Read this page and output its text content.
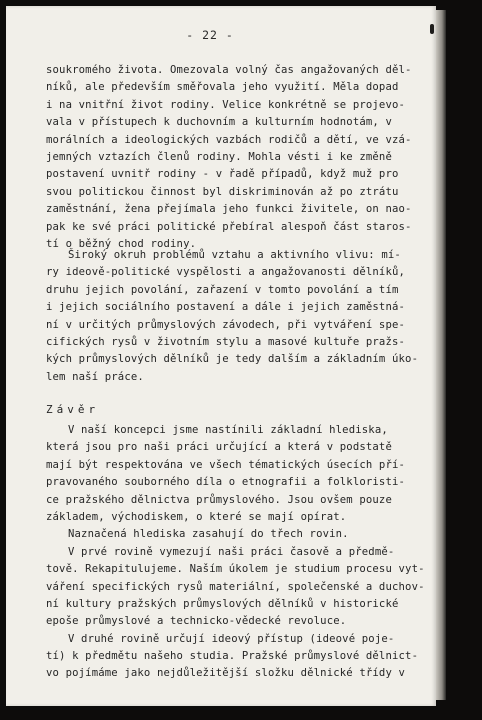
- 22 -
soukromého života. Omezovala volný čas angažovaných děl-
níků, ale především směřovala jeho využití. Měla dopad
i na vnitřní život rodiny. Velice konkrétně se projevo-
vala v přístupech k duchovním a kulturním hodnotám, v
morálních a ideologických vazbách rodičů a dětí, ve vzá-
jemných vztazích členů rodiny. Mohla vésti i ke změně
postavení uvnitř rodiny - v řadě případů, když muž pro
svou politickou činnost byl diskriminován až po ztrátu
zaměstnání, žena přejímala jeho funkci živitele, on nao-
pak ke své práci politické přebíral alespoň část staros-
tí o běžný chod rodiny.
Široký okruh problémů vztahu a aktivního vlivu: mí-
ry ideově-politické vyspělosti a angažovanosti dělníků,
druhu jejich povolání, zařazení v tomto povolání a tím
i jejich sociálního postavení a dále i jejich zaměstná-
ní v určitých průmyslových závodech, při vytváření spe-
cifických rysů v životním stylu a masové kultuře pražs-
kých průmyslových dělníků je tedy dalším a základním úko-
lem naší práce.
Závěr
V naší koncepci jsme nastínili základní hlediska,
která jsou pro naši práci určující a která v podstatě
mají být respektována ve všech tématických úsecích pří-
pravovaného souborného díla o etnografii a folkloristi-
ce pražského dělnictva průmyslového. Jsou ovšem pouze
základem, východiskem, o které se mají opírat.
Naznačená hlediska zasahují do třech rovin.
V prvé rovině vymezují naši práci časově a předmě-
tově. Rekapitulujeme. Naším úkolem je studium procesu vyt-
váření specifických rysů materiální, společenské a duchov-
ní kultury pražských průmyslových dělníků v historické
epoše průmyslové a technicko-vědecké revoluce.
V druhé rovině určují ideový přístup (ideové poje-
tí) k předmětu našeho studia. Pražské průmyslové dělnict-
vo pojímáme jako nejdůležitější složku dělnické třídy v
